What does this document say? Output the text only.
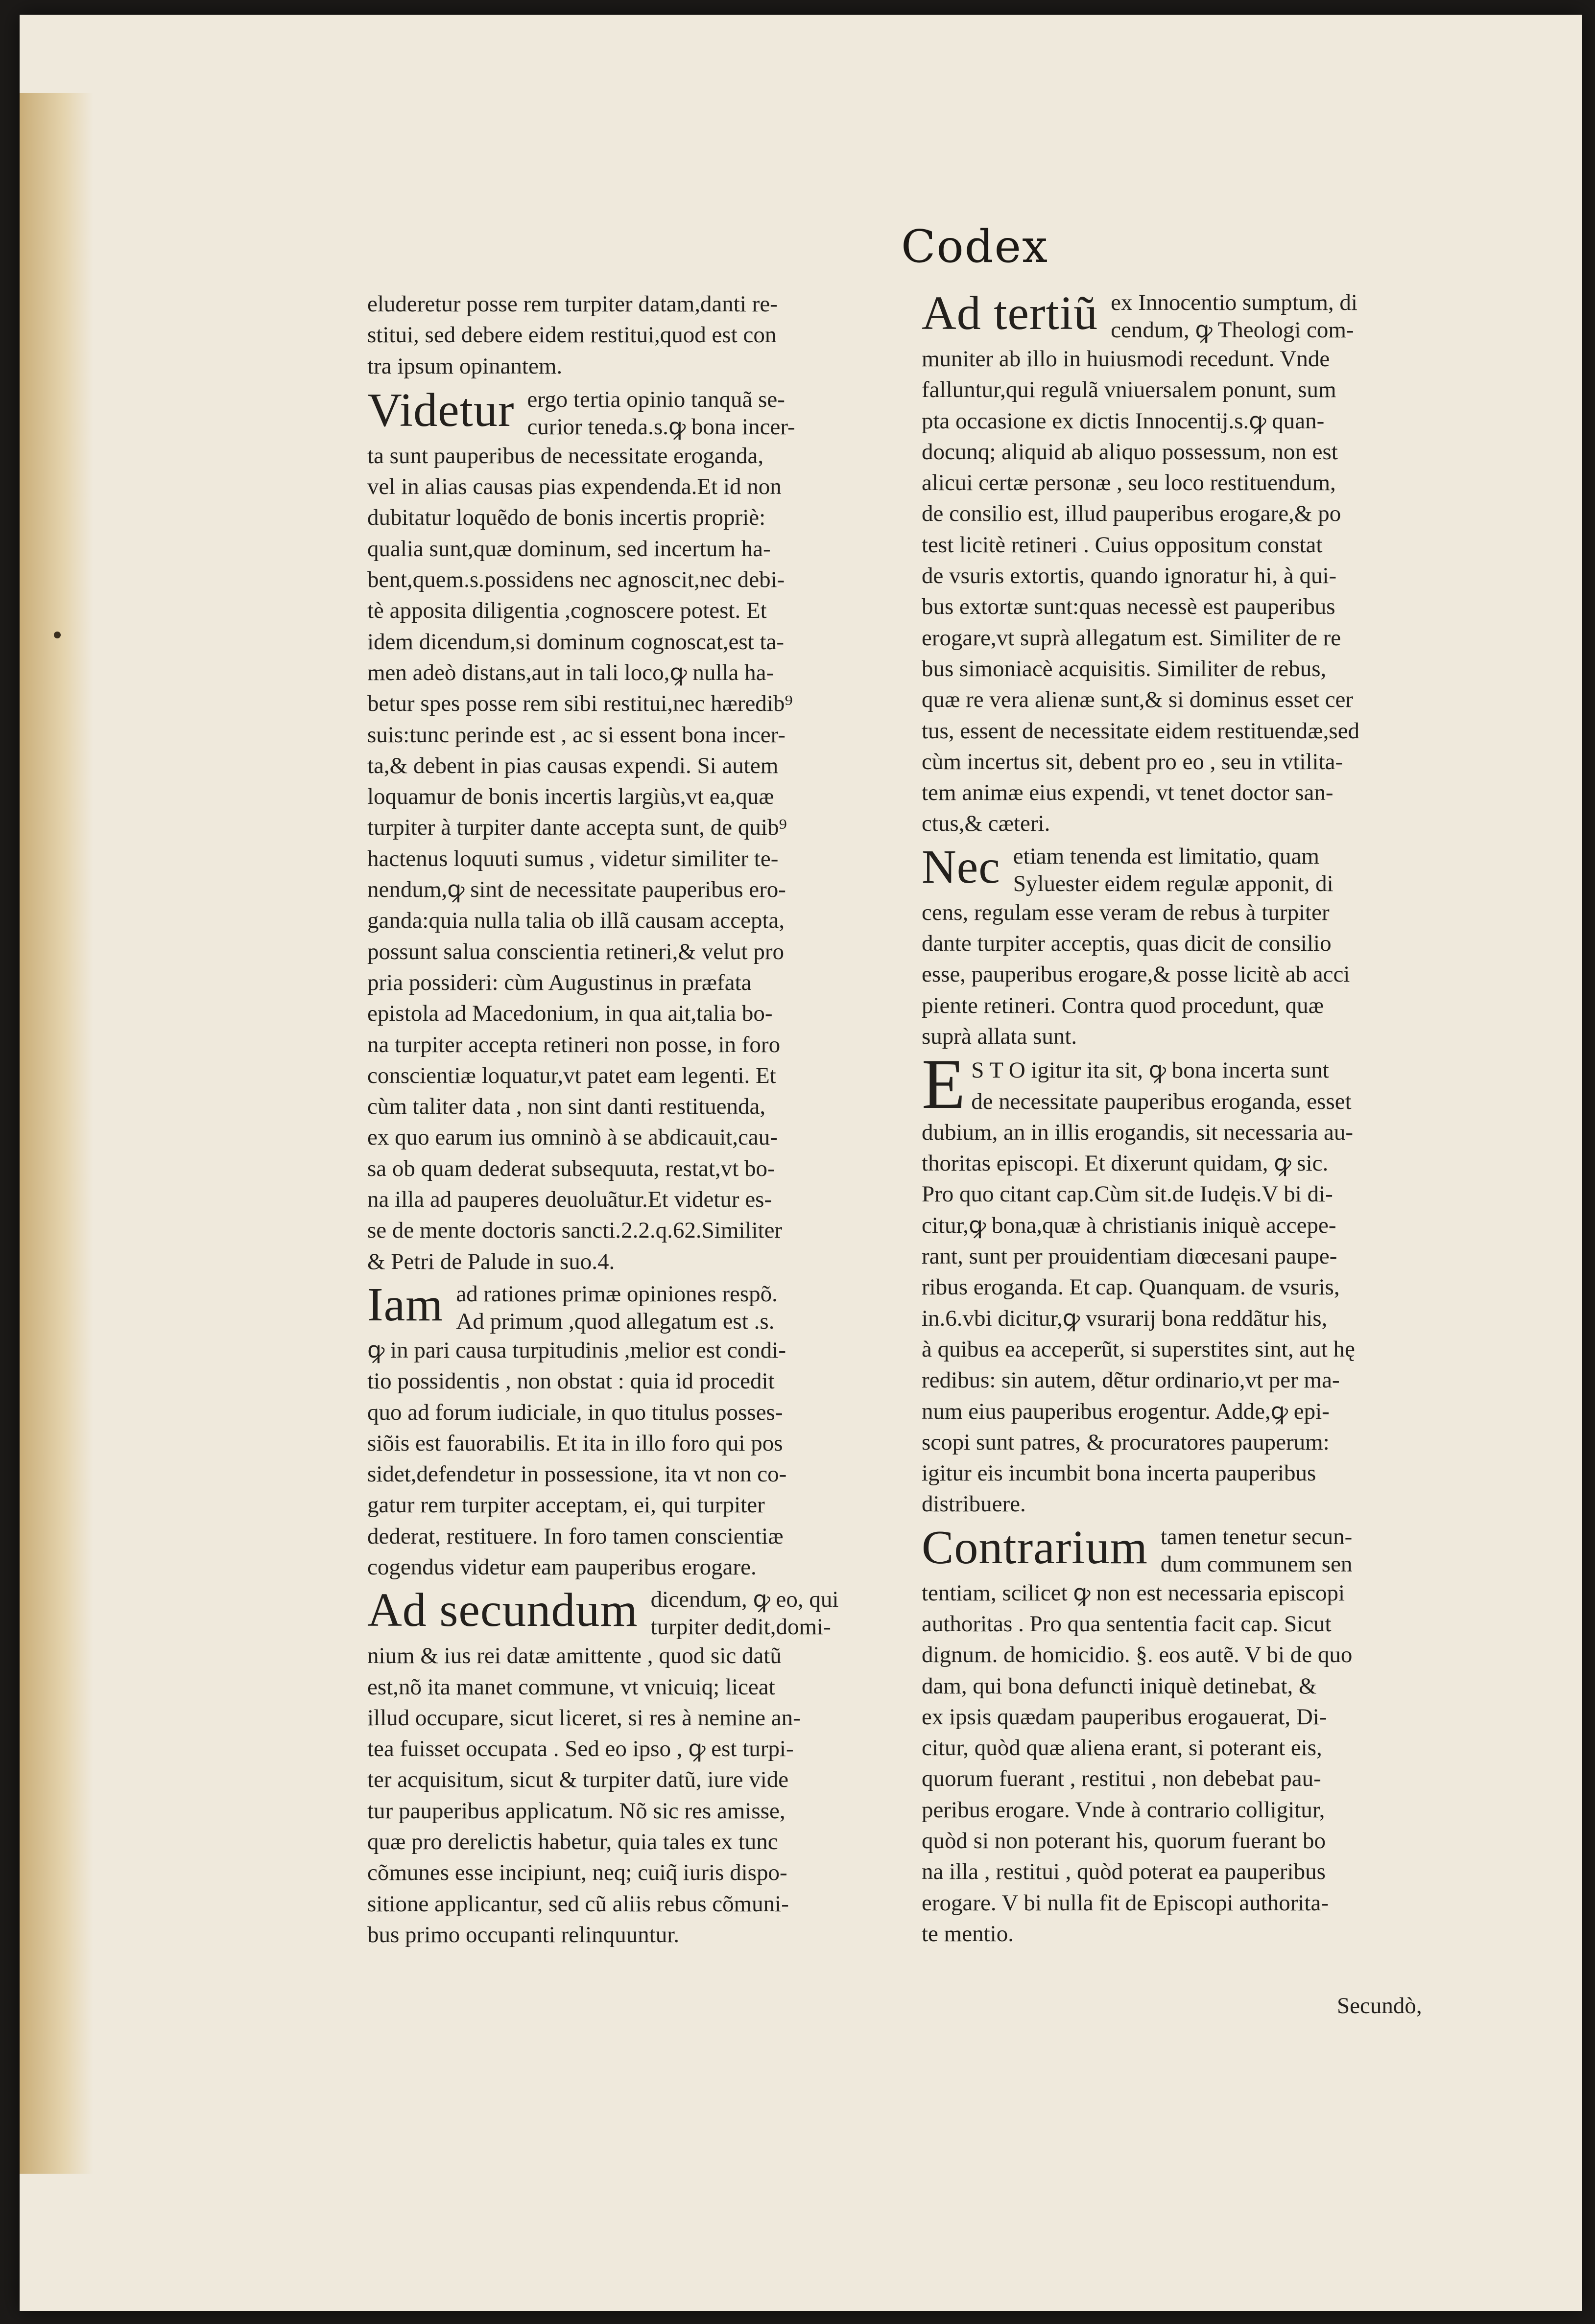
Codex
eluderetur posse rem turpiter datam,danti re-
stitui, sed debere eidem restitui,quod est con
tra ipsum opinantem.
Videtur ergo tertia opinio tanquã se-
curior teneda.s.ꝙ bona incer-
ta sunt pauperibus de necessitate eroganda,
vel in alias causas pias expendenda.Et id non
dubitatur loquẽdo de bonis incertis propriè:
qualia sunt,quæ dominum, sed incertum ha-
bent,quem.s.possidens nec agnoscit,nec debi-
tè apposita diligentia ,cognoscere potest. Et
idem dicendum,si dominum cognoscat,est ta-
men adeò distans,aut in tali loco,ꝙ nulla ha-
betur spes posse rem sibi restitui,nec hæredib⁹
suis:tunc perinde est , ac si essent bona incer-
ta,& debent in pias causas expendi. Si autem
loquamur de bonis incertis largiùs,vt ea,quæ
turpiter à turpiter dante accepta sunt, de quib⁹
hactenus loquuti sumus , videtur similiter te-
nendum,ꝙ sint de necessitate pauperibus ero-
ganda:quia nulla talia ob illã causam accepta,
possunt salua conscientia retineri,& velut pro
pria possideri: cùm Augustinus in præfata
epistola ad Macedonium, in qua ait,talia bo-
na turpiter accepta retineri non posse, in foro
conscientiæ loquatur,vt patet eam legenti. Et
cùm taliter data , non sint danti restituenda,
ex quo earum ius omninò à se abdicauit,cau-
sa ob quam dederat subsequuta, restat,vt bo-
na illa ad pauperes deuoluãtur.Et videtur es-
se de mente doctoris sancti.2.2.q.62.Similiter
& Petri de Palude in suo.4.
Iam ad rationes primæ opiniones respõ.
Ad primum ,quod allegatum est .s.
ꝙ in pari causa turpitudinis ,melior est condi-
tio possidentis , non obstat : quia id procedit
quo ad forum iudiciale, in quo titulus posses-
siõis est fauorabilis. Et ita in illo foro qui pos
sidet,defendetur in possessione, ita vt non co-
gatur rem turpiter acceptam, ei, qui turpiter
dederat, restituere. In foro tamen conscientiæ
cogendus videtur eam pauperibus erogare.
Ad secundum dicendum, ꝙ eo, qui
turpiter dedit,domi-
nium & ius rei datæ amittente , quod sic datũ
est,nõ ita manet commune, vt vnicuiq; liceat
illud occupare, sicut liceret, si res à nemine an-
tea fuisset occupata . Sed eo ipso , ꝙ est turpi-
ter acquisitum, sicut & turpiter datũ, iure vide
tur pauperibus applicatum. Nõ sic res amisse,
quæ pro derelictis habetur, quia tales ex tunc
cõmunes esse incipiunt, neq; cuiq̃ iuris dispo-
sitione applicantur, sed cũ aliis rebus cõmuni-
bus primo occupanti relinquuntur.
Ad tertiũ ex Innocentio sumptum, di
cendum, ꝙ Theologi com-
muniter ab illo in huiusmodi recedunt. Vnde
falluntur,qui regulã vniuersalem ponunt, sum
pta occasione ex dictis Innocentij.s.ꝙ quan-
docunq; aliquid ab aliquo possessum, non est
alicui certæ personæ , seu loco restituendum,
de consilio est, illud pauperibus erogare,& po
test licitè retineri . Cuius oppositum constat
de vsuris extortis, quando ignoratur hi, à qui-
bus extortæ sunt:quas necessè est pauperibus
erogare,vt suprà allegatum est. Similiter de re
bus simoniacè acquisitis. Similiter de rebus,
quæ re vera alienæ sunt,& si dominus esset cer
tus, essent de necessitate eidem restituendæ,sed
cùm incertus sit, debent pro eo , seu in vtilita-
tem animæ eius expendi, vt tenet doctor san-
ctus,& cæteri.
Nec etiam tenenda est limitatio, quam
Syluester eidem regulæ apponit, di
cens, regulam esse veram de rebus à turpiter
dante turpiter acceptis, quas dicit de consilio
esse, pauperibus erogare,& posse licitè ab acci
piente retineri. Contra quod procedunt, quæ
suprà allata sunt.
E S T O igitur ita sit, ꝙ bona incerta sunt
de necessitate pauperibus eroganda, esset
dubium, an in illis erogandis, sit necessaria au-
thoritas episcopi. Et dixerunt quidam, ꝙ sic.
Pro quo citant cap.Cùm sit.de Iudęis.V bi di-
citur,ꝙ bona,quæ à christianis iniquè accepe-
rant, sunt per prouidentiam diœcesani paupe-
ribus eroganda. Et cap. Quanquam. de vsuris,
in.6.vbi dicitur,ꝙ vsurarij bona reddãtur his,
à quibus ea acceperũt, si superstites sint, aut hę
redibus: sin autem, dẽtur ordinario,vt per ma-
num eius pauperibus erogentur. Adde,ꝙ epi-
scopi sunt patres, & procuratores pauperum:
igitur eis incumbit bona incerta pauperibus
distribuere.
Contrarium tamen tenetur secun-
dum communem sen
tentiam, scilicet ꝙ non est necessaria episcopi
authoritas . Pro qua sententia facit cap. Sicut
dignum. de homicidio. §. eos autẽ. V bi de quo
dam, qui bona defuncti iniquè detinebat, &
ex ipsis quædam pauperibus erogauerat, Di-
citur, quòd quæ aliena erant, si poterant eis,
quorum fuerant , restitui , non debebat pau-
peribus erogare. Vnde à contrario colligitur,
quòd si non poterant his, quorum fuerant bo
na illa , restitui , quòd poterat ea pauperibus
erogare. V bi nulla fit de Episcopi authorita-
te mentio.
Secundò,
